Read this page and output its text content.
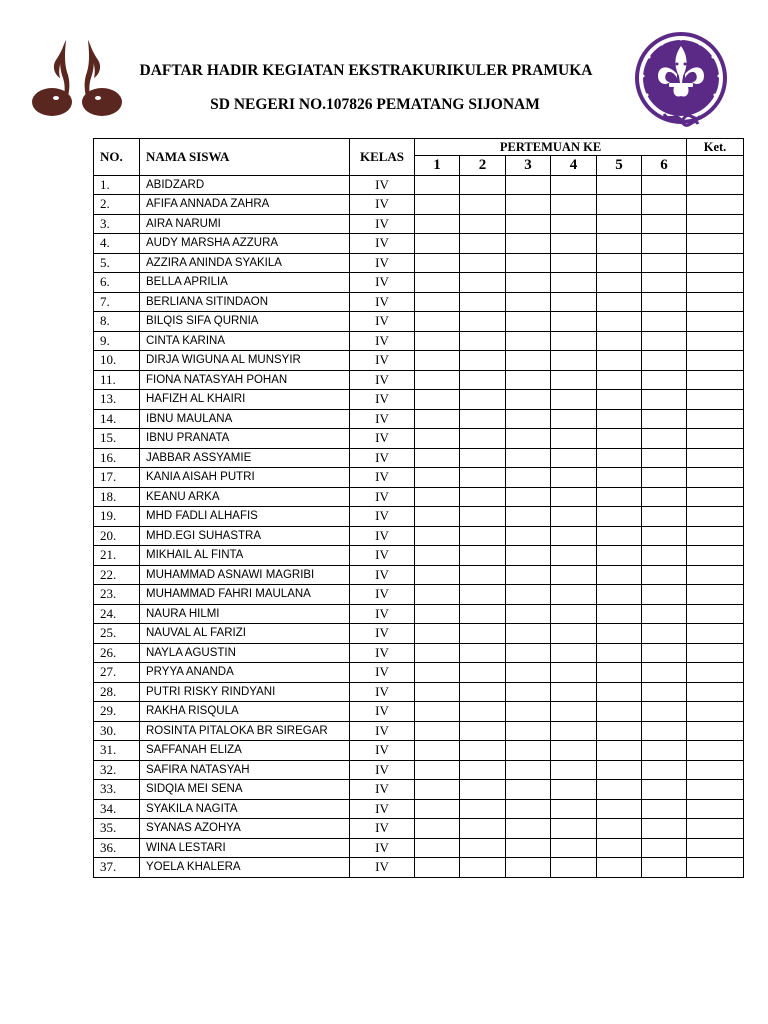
DAFTAR HADIR KEGIATAN EKSTRAKURIKULER PRAMUKA
SD NEGERI NO.107826 PEMATANG SIJONAM
NO.	NAMA SISWA	KELAS	PERTEMUAN KE						Ket.
			1	2	3	4	5	6	
1.	ABIDZARD	IV							
2.	AFIFA ANNADA ZAHRA	IV							
3.	AIRA NARUMI	IV							
4.	AUDY MARSHA AZZURA	IV							
5.	AZZIRA ANINDA SYAKILA	IV							
6.	BELLA APRILIA	IV							
7.	BERLIANA SITINDAON	IV							
8.	BILQIS SIFA QURNIA	IV							
9.	CINTA KARINA	IV							
10.	DIRJA WIGUNA AL MUNSYIR	IV							
11.	FIONA NATASYAH POHAN	IV							
13.	HAFIZH AL KHAIRI	IV							
14.	IBNU MAULANA	IV							
15.	IBNU PRANATA	IV							
16.	JABBAR ASSYAMIE	IV							
17.	KANIA AISAH PUTRI	IV							
18.	KEANU ARKA	IV							
19.	MHD FADLI ALHAFIS	IV							
20.	MHD.EGI SUHASTRA	IV							
21.	MIKHAIL AL FINTA	IV							
22.	MUHAMMAD ASNAWI MAGRIBI	IV							
23.	MUHAMMAD FAHRI MAULANA	IV							
24.	NAURA HILMI	IV							
25.	NAUVAL AL FARIZI	IV							
26.	NAYLA AGUSTIN	IV							
27.	PRYYA ANANDA	IV							
28.	PUTRI RISKY RINDYANI	IV							
29.	RAKHA RISQULA	IV							
30.	ROSINTA PITALOKA BR SIREGAR	IV							
31.	SAFFANAH ELIZA	IV							
32.	SAFIRA NATASYAH	IV							
33.	SIDQIA MEI SENA	IV							
34.	SYAKILA NAGITA	IV							
35.	SYANAS AZOHYA	IV							
36.	WINA LESTARI	IV							
37.	YOELA KHALERA	IV							
